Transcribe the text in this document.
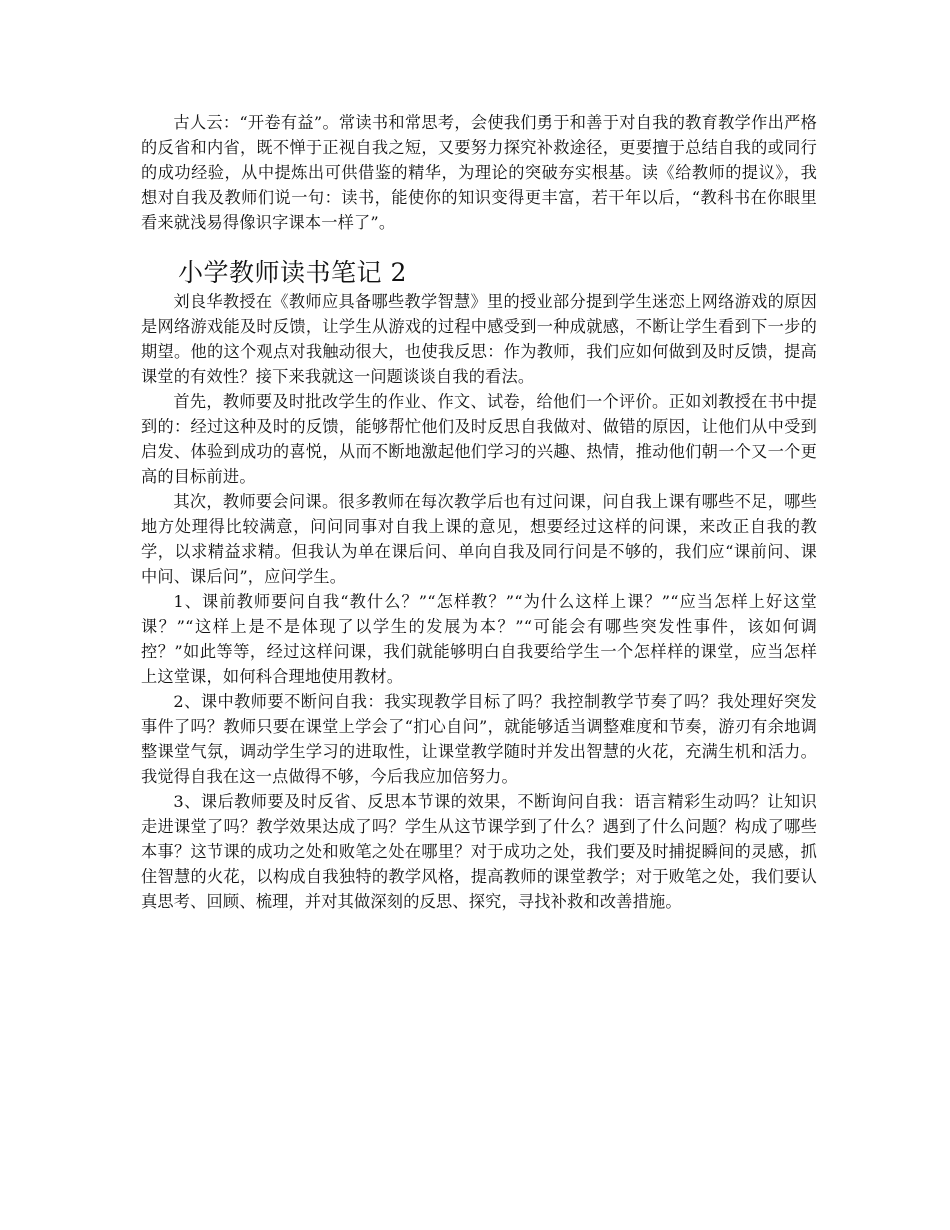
古人云：“开卷有益”。常读书和常思考，会使我们勇于和善于对自我的教育教学作出严格的反省和内省，既不惮于正视自我之短，又要努力探究补救途径，更要擅于总结自我的或同行的成功经验，从中提炼出可供借鉴的精华，为理论的突破夯实根基。读《给教师的提议》，我想对自我及教师们说一句：读书，能使你的知识变得更丰富，若干年以后，“教科书在你眼里看来就浅易得像识字课本一样了”。

小学教师读书笔记 2

刘良华教授在《教师应具备哪些教学智慧》里的授业部分提到学生迷恋上网络游戏的原因是网络游戏能及时反馈，让学生从游戏的过程中感受到一种成就感，不断让学生看到下一步的期望。他的这个观点对我触动很大，也使我反思：作为教师，我们应如何做到及时反馈，提高课堂的有效性？接下来我就这一问题谈谈自我的看法。

首先，教师要及时批改学生的作业、作文、试卷，给他们一个评价。正如刘教授在书中提到的：经过这种及时的反馈，能够帮忙他们及时反思自我做对、做错的原因，让他们从中受到启发、体验到成功的喜悦，从而不断地激起他们学习的兴趣、热情，推动他们朝一个又一个更高的目标前进。

其次，教师要会问课。很多教师在每次教学后也有过问课，问自我上课有哪些不足，哪些地方处理得比较满意，问问同事对自我上课的意见，想要经过这样的问课，来改正自我的教学，以求精益求精。但我认为单在课后问、单向自我及同行问是不够的，我们应“课前问、课中问、课后问”，应问学生。

1、课前教师要问自我“教什么？”“怎样教？”“为什么这样上课？”“应当怎样上好这堂课？”“这样上是不是体现了以学生的发展为本？”“可能会有哪些突发性事件，该如何调控？”如此等等，经过这样问课，我们就能够明白自我要给学生一个怎样样的课堂，应当怎样上这堂课，如何科合理地使用教材。

2、课中教师要不断问自我：我实现教学目标了吗？我控制教学节奏了吗？我处理好突发事件了吗？教师只要在课堂上学会了“扪心自问”，就能够适当调整难度和节奏，游刃有余地调整课堂气氛，调动学生学习的进取性，让课堂教学随时并发出智慧的火花，充满生机和活力。我觉得自我在这一点做得不够，今后我应加倍努力。

3、课后教师要及时反省、反思本节课的效果，不断询问自我：语言精彩生动吗？让知识走进课堂了吗？教学效果达成了吗？学生从这节课学到了什么？遇到了什么问题？构成了哪些本事？这节课的成功之处和败笔之处在哪里？对于成功之处，我们要及时捕捉瞬间的灵感，抓住智慧的火花，以构成自我独特的教学风格，提高教师的课堂教学；对于败笔之处，我们要认真思考、回顾、梳理，并对其做深刻的反思、探究，寻找补救和改善措施。
